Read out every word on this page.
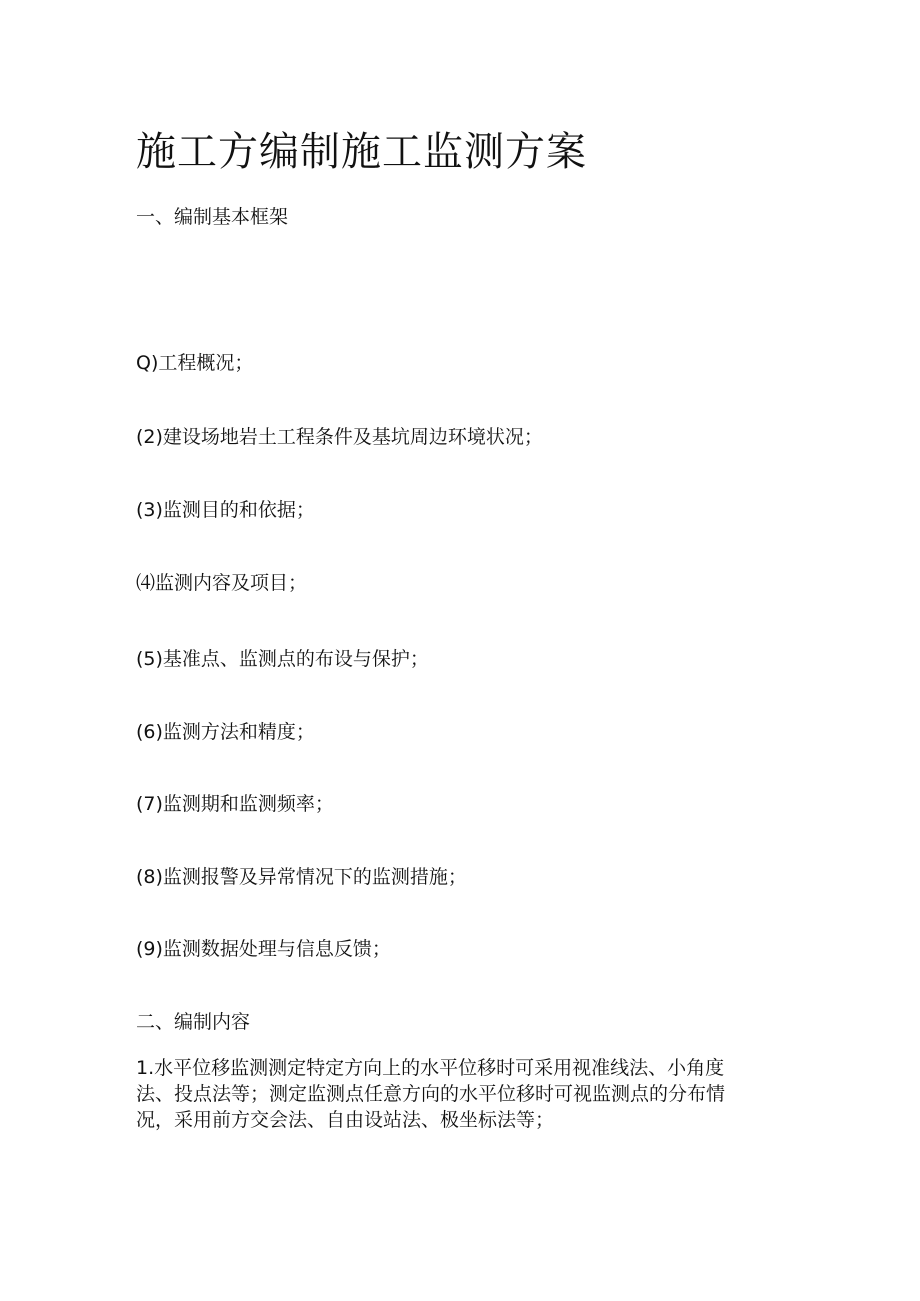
施工方编制施工监测方案

一、编制基本框架

Q)工程概况；

(2)建设场地岩土工程条件及基坑周边环境状况；

(3)监测目的和依据；

⑷监测内容及项目；

(5)基准点、监测点的布设与保护；

(6)监测方法和精度；

(7)监测期和监测频率；

(8)监测报警及异常情况下的监测措施；

(9)监测数据处理与信息反馈；

二、编制内容

1.水平位移监测测定特定方向上的水平位移时可采用视准线法、小角度
法、投点法等；测定监测点任意方向的水平位移时可视监测点的分布情
况，采用前方交会法、自由设站法、极坐标法等；
